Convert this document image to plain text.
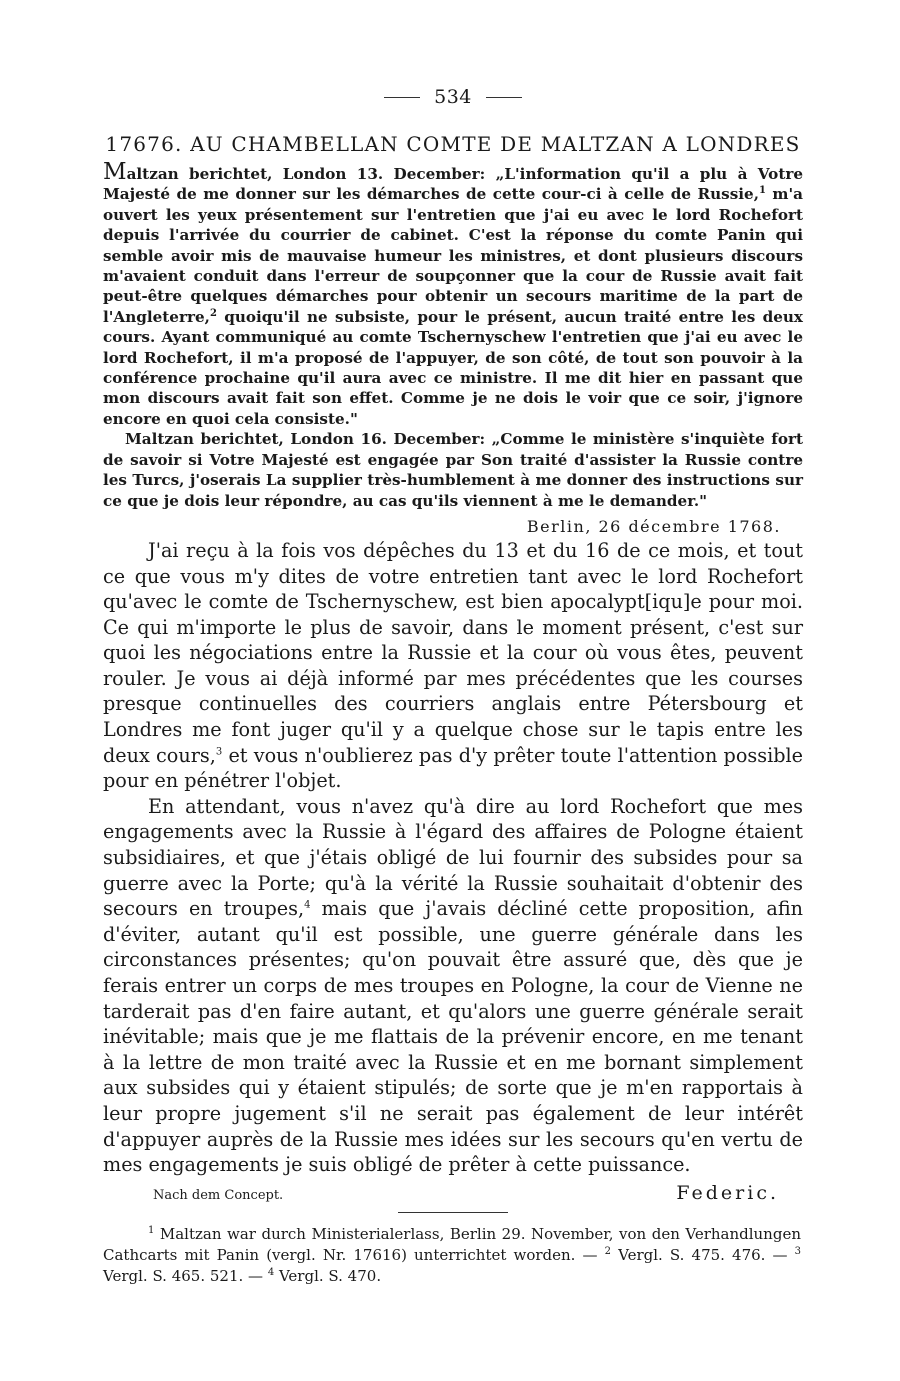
534
17676. AU CHAMBELLAN COMTE DE MALTZAN A LONDRES

Maltzan berichtet, London 13. December: „L'information qu'il a plu à Votre Majesté de me donner sur les démarches de cette cour-ci à celle de Russie,$^1$ m'a ouvert les yeux présentement sur l'entretien que j'ai eu avec le lord Rochefort depuis l'arrivée du courrier de cabinet. C'est la réponse du comte Panin qui semble avoir mis de mauvaise humeur les ministres, et dont plusieurs discours m'avaient conduit dans l'erreur de soupçonner que la cour de Russie avait fait peut-être quelques démarches pour obtenir un secours maritime de la part de l'Angleterre,$^2$ quoiqu'il ne subsiste, pour le présent, aucun traité entre les deux cours. Ayant communiqué au comte Tschernyschew l'entretien que j'ai eu avec le lord Rochefort, il m'a proposé de l'appuyer, de son côté, de tout son pouvoir à la conférence prochaine qu'il aura avec ce ministre. Il me dit hier en passant que mon discours avait fait son effet. Comme je ne dois le voir que ce soir, j'ignore encore en quoi cela consiste."

Maltzan berichtet, London 16. December: „Comme le ministère s'inquiète fort de savoir si Votre Majesté est engagée par Son traité d'assister la Russie contre les Turcs, j'oserais La supplier très-humblement à me donner des instructions sur ce que je dois leur répondre, au cas qu'ils viennent à me le demander."

Berlin, 26 décembre 1768.

J'ai reçu à la fois vos dépêches du 13 et du 16 de ce mois, et tout ce que vous m'y dites de votre entretien tant avec le lord Rochefort qu'avec le comte de Tschernyschew, est bien apocalypt[iqu]e pour moi. Ce qui m'importe le plus de savoir, dans le moment présent, c'est sur quoi les négociations entre la Russie et la cour où vous êtes, peuvent rouler. Je vous ai déjà informé par mes précédentes que les courses presque continuelles des courriers anglais entre Pétersbourg et Londres me font juger qu'il y a quelque chose sur le tapis entre les deux cours,$^3$ et vous n'oublierez pas d'y prêter toute l'attention possible pour en pénétrer l'objet.

En attendant, vous n'avez qu'à dire au lord Rochefort que mes engagements avec la Russie à l'égard des affaires de Pologne étaient subsidiaires, et que j'étais obligé de lui fournir des subsides pour sa guerre avec la Porte; qu'à la vérité la Russie souhaitait d'obtenir des secours en troupes,$^4$ mais que j'avais décliné cette proposition, afin d'éviter, autant qu'il est possible, une guerre générale dans les circonstances présentes; qu'on pouvait être assuré que, dès que je ferais entrer un corps de mes troupes en Pologne, la cour de Vienne ne tarderait pas d'en faire autant, et qu'alors une guerre générale serait inévitable; mais que je me flattais de la prévenir encore, en me tenant à la lettre de mon traité avec la Russie et en me bornant simplement aux subsides qui y étaient stipulés; de sorte que je m'en rapportais à leur propre jugement s'il ne serait pas également de leur intérêt d'appuyer auprès de la Russie mes idées sur les secours qu'en vertu de mes engagements je suis obligé de prêter à cette puissance.

Nach dem Concept.	Federic.

$^1$ Maltzan war durch Ministerialerlass, Berlin 29. November, von den Verhandlungen Cathcarts mit Panin (vergl. Nr. 17616) unterrichtet worden. — $^2$ Vergl. S. 475. 476. — $^3$ Vergl. S. 465. 521. — $^4$ Vergl. S. 470.
